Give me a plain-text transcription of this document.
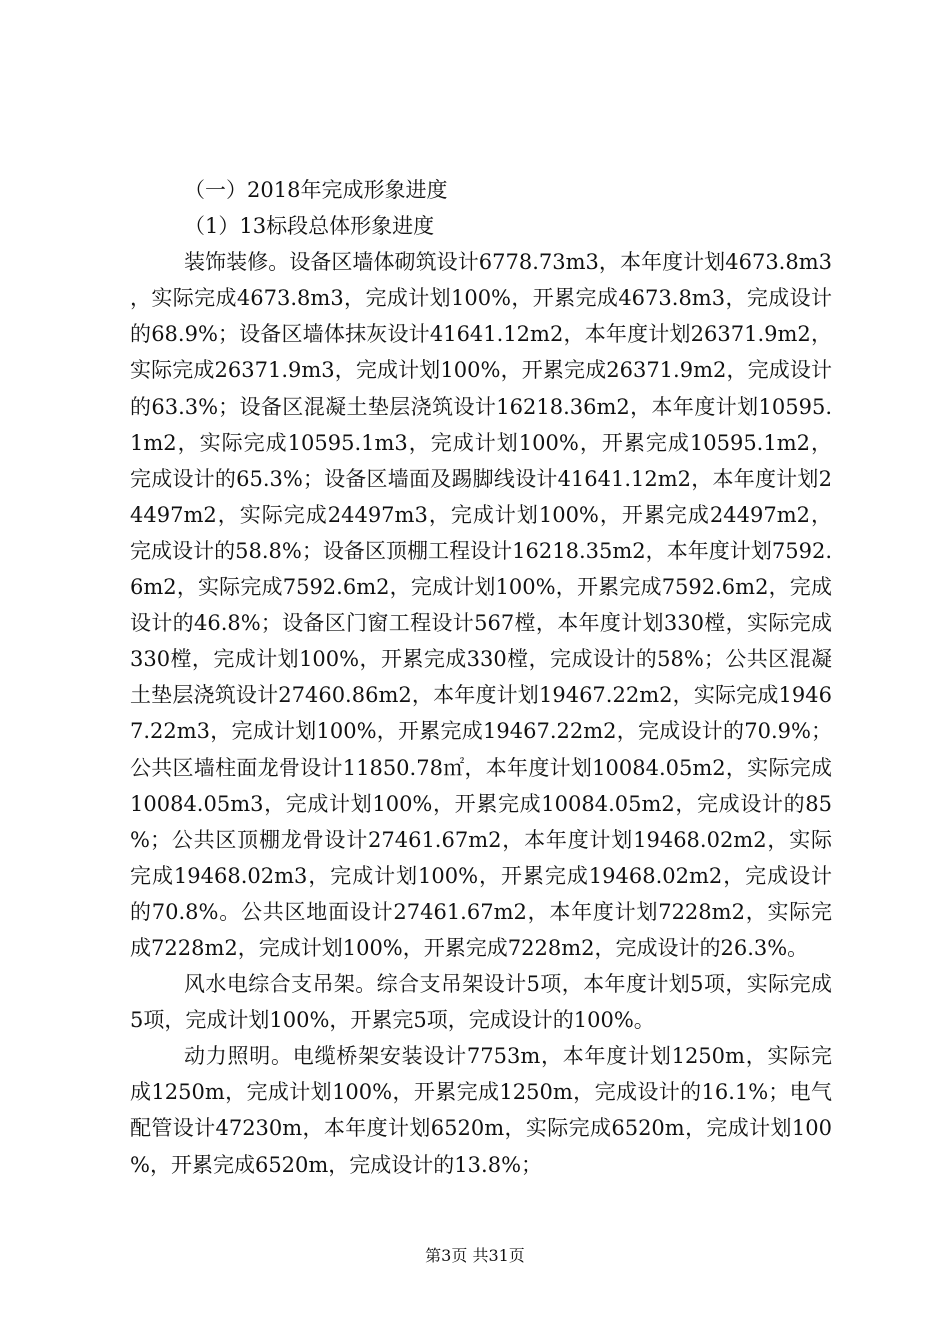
（一）2018年完成形象进度

（1）13标段总体形象进度

装饰装修。设备区墙体砌筑设计6778.73m3，本年度计划4673.8m3，实际完成4673.8m3，完成计划100%，开累完成4673.8m3，完成设计的68.9%；设备区墙体抹灰设计41641.12m2，本年度计划26371.9m2，实际完成26371.9m3，完成计划100%，开累完成26371.9m2，完成设计的63.3%；设备区混凝土垫层浇筑设计16218.36m2，本年度计划10595.1m2，实际完成10595.1m3，完成计划100%，开累完成10595.1m2，完成设计的65.3%；设备区墙面及踢脚线设计41641.12m2，本年度计划24497m2，实际完成24497m3，完成计划100%，开累完成24497m2，完成设计的58.8%；设备区顶棚工程设计16218.35m2，本年度计划7592.6m2，实际完成7592.6m2，完成计划100%，开累完成7592.6m2，完成设计的46.8%；设备区门窗工程设计567樘，本年度计划330樘，实际完成330樘，完成计划100%，开累完成330樘，完成设计的58%；公共区混凝土垫层浇筑设计27460.86m2，本年度计划19467.22m2，实际完成19467.22m3，完成计划100%，开累完成19467.22m2，完成设计的70.9%；公共区墙柱面龙骨设计11850.78㎡，本年度计划10084.05m2，实际完成10084.05m3，完成计划100%，开累完成10084.05m2，完成设计的85%；公共区顶棚龙骨设计27461.67m2，本年度计划19468.02m2，实际完成19468.02m3，完成计划100%，开累完成19468.02m2，完成设计的70.8%。公共区地面设计27461.67m2，本年度计划7228m2，实际完成7228m2，完成计划100%，开累完成7228m2，完成设计的26.3%。

风水电综合支吊架。综合支吊架设计5项，本年度计划5项，实际完成5项，完成计划100%，开累完5项，完成设计的100%。

动力照明。电缆桥架安装设计7753m，本年度计划1250m，实际完成1250m，完成计划100%，开累完成1250m，完成设计的16.1%；电气配管设计47230m，本年度计划6520m，实际完成6520m，完成计划100%，开累完成6520m，完成设计的13.8%；

第3页 共31页
